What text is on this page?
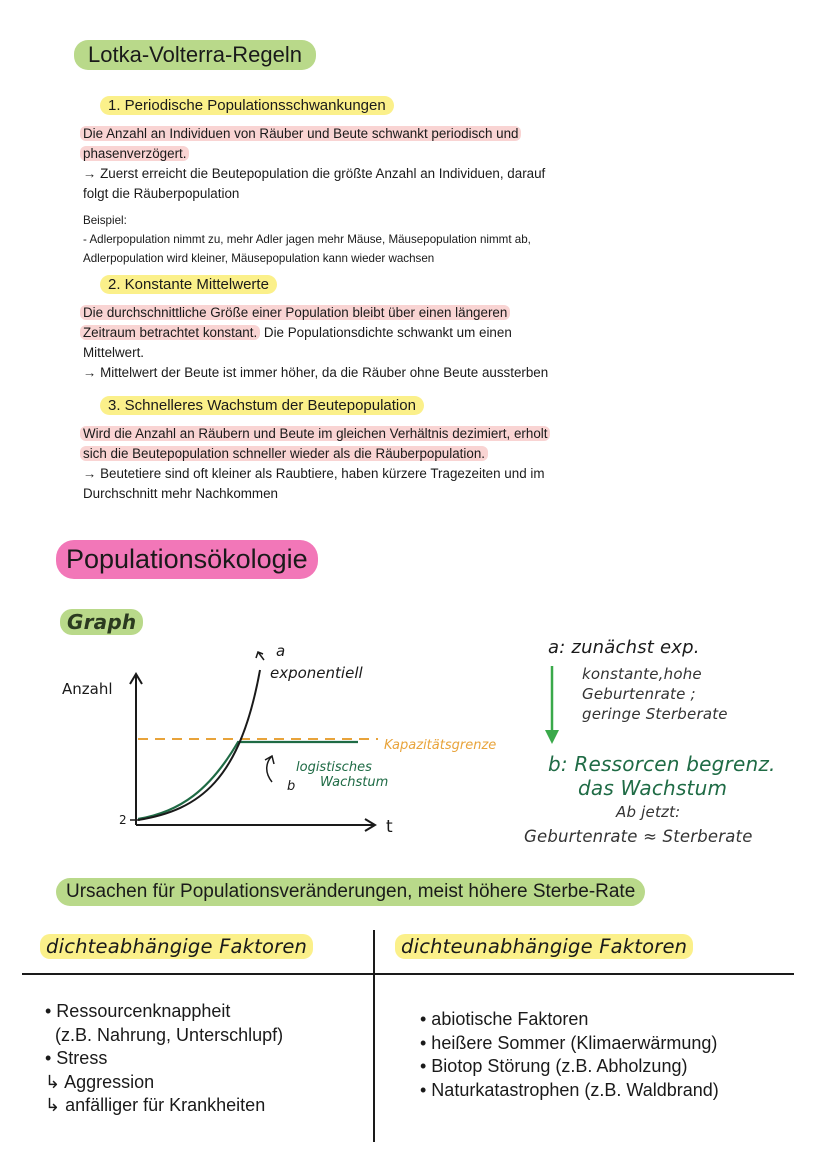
Lotka-Volterra-Regeln
1. Periodische Populationsschwankungen
Die Anzahl an Individuen von Räuber und Beute schwankt periodisch und
phasenverzögert.
→ Zuerst erreicht die Beutepopulation die größte Anzahl an Individuen, darauf
folgt die Räuberpopulation
Beispiel:
- Adlerpopulation nimmt zu, mehr Adler jagen mehr Mäuse, Mäusepopulation nimmt ab,
Adlerpopulation wird kleiner, Mäusepopulation kann wieder wachsen
2. Konstante Mittelwerte
Die durchschnittliche Größe einer Population bleibt über einen längeren
Zeitraum betrachtet konstant. Die Populationsdichte schwankt um einen
Mittelwert.
→ Mittelwert der Beute ist immer höher, da die Räuber ohne Beute aussterben
3. Schnelleres Wachstum der Beutepopulation
Wird die Anzahl an Räubern und Beute im gleichen Verhältnis dezimiert, erholt
sich die Beutepopulation schneller wieder als die Räuberpopulation.
→ Beutetiere sind oft kleiner als Raubtiere, haben kürzere Tragezeiten und im
Durchschnitt mehr Nachkommen
Populationsökologie
Graph
Anzahl
2	t
a
exponentiell
Kapazitätsgrenze
logistisches
b Wachstum
a: zunächst exp.
konstante,hohe
Geburtenrate ;
geringe Sterberate
b: Ressorcen begrenz.
das Wachstum
Ab jetzt:
Geburtenrate ≈ Sterberate
Ursachen für Populationsveränderungen, meist höhere Sterbe-Rate
dichteabhängige Faktoren	dichteunabhängige Faktoren
• Ressourcenknappheit
(z.B. Nahrung, Unterschlupf)
• Stress
↳ Aggression
↳ anfälliger für Krankheiten
• abiotische Faktoren
• heißere Sommer (Klimaerwärmung)
• Biotop Störung (z.B. Abholzung)
• Naturkatastrophen (z.B. Waldbrand)
